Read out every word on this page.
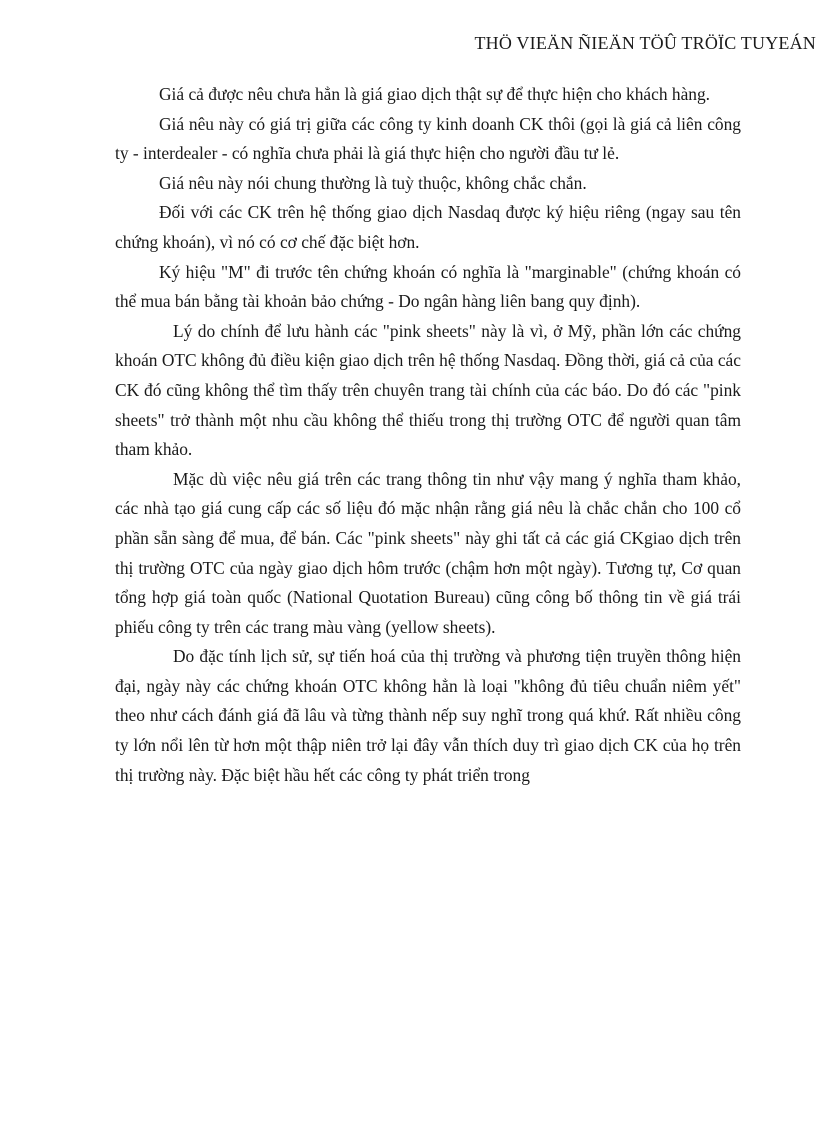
THÖ VIEÄN ÑIEÄN TÖÛ TRÖÏC TUYEÁN

Giá cả được nêu chưa hẳn là giá giao dịch thật sự để thực hiện cho khách hàng.

Giá nêu này có giá trị giữa các công ty kinh doanh CK thôi (gọi là giá cả liên công ty - interdealer - có nghĩa chưa phải là giá thực hiện cho người đầu tư lẻ.

Giá nêu này nói chung thường là tuỳ thuộc, không chắc chắn.

Đối với các CK trên hệ thống giao dịch Nasdaq được ký hiệu riêng (ngay sau tên chứng khoán), vì nó có cơ chế đặc biệt hơn.

Ký hiệu "M" đi trước tên chứng khoán có nghĩa là "marginable" (chứng khoán có thể mua bán bằng tài khoản bảo chứng - Do ngân hàng liên bang quy định).

Lý do chính để lưu hành các "pink sheets" này là vì, ở Mỹ, phần lớn các chứng khoán OTC không đủ điều kiện giao dịch trên hệ thống Nasdaq. Đồng thời, giá cả của các CK đó cũng không thể tìm thấy trên chuyên trang tài chính của các báo. Do đó các "pink sheets" trở thành một nhu cầu không thể thiếu trong thị trường OTC để người quan tâm tham khảo.

Mặc dù việc nêu giá trên các trang thông tin như vậy mang ý nghĩa tham khảo, các nhà tạo giá cung cấp các số liệu đó mặc nhận rằng giá nêu là chắc chắn cho 100 cổ phần sẵn sàng để mua, để bán. Các "pink sheets" này ghi tất cả các giá CKgiao dịch trên thị trường OTC của ngày giao dịch hôm trước (chậm hơn một ngày). Tương tự, Cơ quan tổng hợp giá toàn quốc (National Quotation Bureau) cũng công bố thông tin về giá trái phiếu công ty trên các trang màu vàng (yellow sheets).

Do đặc tính lịch sử, sự tiến hoá của thị trường và phương tiện truyền thông hiện đại, ngày này các chứng khoán OTC không hẳn là loại "không đủ tiêu chuẩn niêm yết" theo như cách đánh giá đã lâu và từng thành nếp suy nghĩ trong quá khứ. Rất nhiều công ty lớn nổi lên từ hơn một thập niên trở lại đây vẫn thích duy trì giao dịch CK của họ trên thị trường này. Đặc biệt hầu hết các công ty phát triển trong
